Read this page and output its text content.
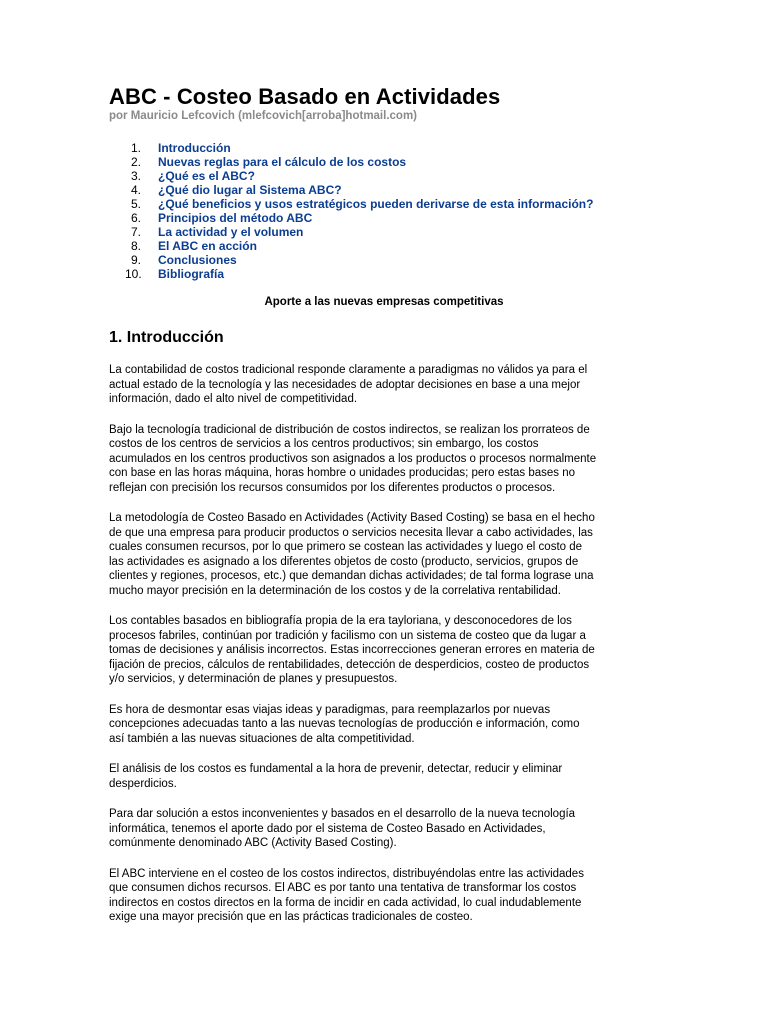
ABC - Costeo Basado en Actividades
por Mauricio Lefcovich (mlefcovich[arroba]hotmail.com)
1. Introducción
2. Nuevas reglas para el cálculo de los costos
3. ¿Qué es el ABC?
4. ¿Qué dio lugar al Sistema ABC?
5. ¿Qué beneficios y usos estratégicos pueden derivarse de esta información?
6. Principios del método ABC
7. La actividad y el volumen
8. El ABC en acción
9. Conclusiones
10. Bibliografía
Aporte a las nuevas empresas competitivas
1. Introducción

La contabilidad de costos tradicional responde claramente a paradigmas no válidos ya para el
actual estado de la tecnología y las necesidades de adoptar decisiones en base a una mejor
información, dado el alto nivel de competitividad.

Bajo la tecnología tradicional de distribución de costos indirectos, se realizan los prorrateos de
costos de los centros de servicios a los centros productivos; sin embargo, los costos
acumulados en los centros productivos son asignados a los productos o procesos normalmente
con base en las horas máquina, horas hombre o unidades producidas; pero estas bases no
reflejan con precisión los recursos consumidos por los diferentes productos o procesos.

La metodología de Costeo Basado en Actividades (Activity Based Costing) se basa en el hecho
de que una empresa para producir productos o servicios necesita llevar a cabo actividades, las
cuales consumen recursos, por lo que primero se costean las actividades y luego el costo de
las actividades es asignado a los diferentes objetos de costo (producto, servicios, grupos de
clientes y regiones, procesos, etc.) que demandan dichas actividades; de tal forma lograse una
mucho mayor precisión en la determinación de los costos y de la correlativa rentabilidad.

Los contables basados en bibliografía propia de la era tayloriana, y desconocedores de los
procesos fabriles, continúan por tradición y facilismo con un sistema de costeo que da lugar a
tomas de decisiones y análisis incorrectos. Estas incorrecciones generan errores en materia de
fijación de precios, cálculos de rentabilidades, detección de desperdicios, costeo de productos
y/o servicios, y determinación de planes y presupuestos.

Es hora de desmontar esas viajas ideas y paradigmas, para reemplazarlos por nuevas
concepciones adecuadas tanto a las nuevas tecnologías de producción e información, como
así también a las nuevas situaciones de alta competitividad.

El análisis de los costos es fundamental a la hora de prevenir, detectar, reducir y eliminar
desperdicios.

Para dar solución a estos inconvenientes y basados en el desarrollo de la nueva tecnología
informática, tenemos el aporte dado por el sistema de Costeo Basado en Actividades,
comúnmente denominado ABC (Activity Based Costing).

El ABC interviene en el costeo de los costos indirectos, distribuyéndolas entre las actividades
que consumen dichos recursos. El ABC es por tanto una tentativa de transformar los costos
indirectos en costos directos en la forma de incidir en cada actividad, lo cual indudablemente
exige una mayor precisión que en las prácticas tradicionales de costeo.
